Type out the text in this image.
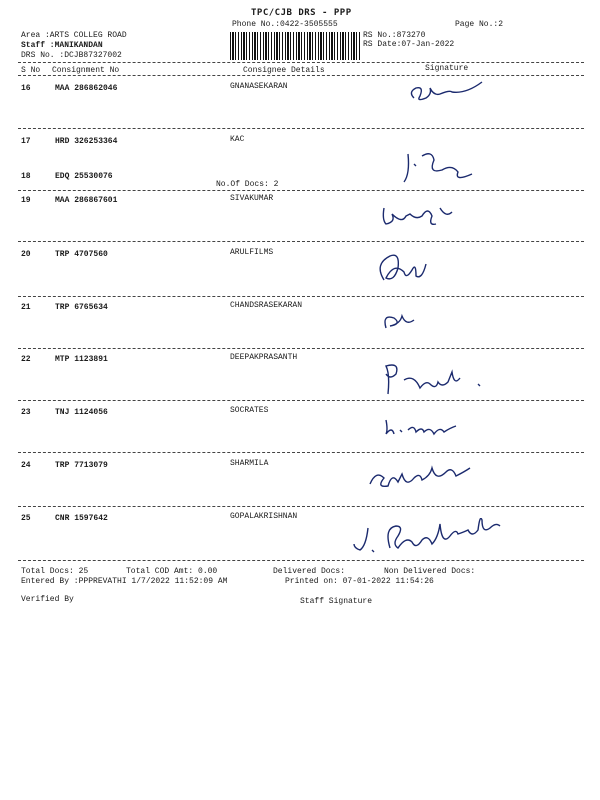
TPC/CJB DRS - PPP
Phone No.:0422-3505555	Page No.:2
Area :ARTS COLLEG ROAD
Staff :MANIKANDAN
DRS No. :DCJB87327002
RS No.:873270
RS Date:07-Jan-2022
S No Consignment No	Consignee Details	Signature
16	MAA 286862046	GNANASEKARAN
17	HRD 326253364	KAC
18	EDQ 25530076
No.Of Docs: 2
19	MAA 286867601	SIVAKUMAR
20	TRP 4707560	ARULFILMS
21	TRP 6765634	CHANDSRASEKARAN
22	MTP 1123891	DEEPAKPRASANTH
23	TNJ 1124056	SOCRATES
24	TRP 7713079	SHARMILA
25	CNR 1597642	GOPALAKRISHNAN
Total Docs: 25	Total COD Amt: 0.00	Delivered Docs:	Non Delivered Docs:
Entered By :PPPREVATHI 1/7/2022 11:52:09 AM	Printed on: 07-01-2022 11:54:26
Verified By	Staff Signature
